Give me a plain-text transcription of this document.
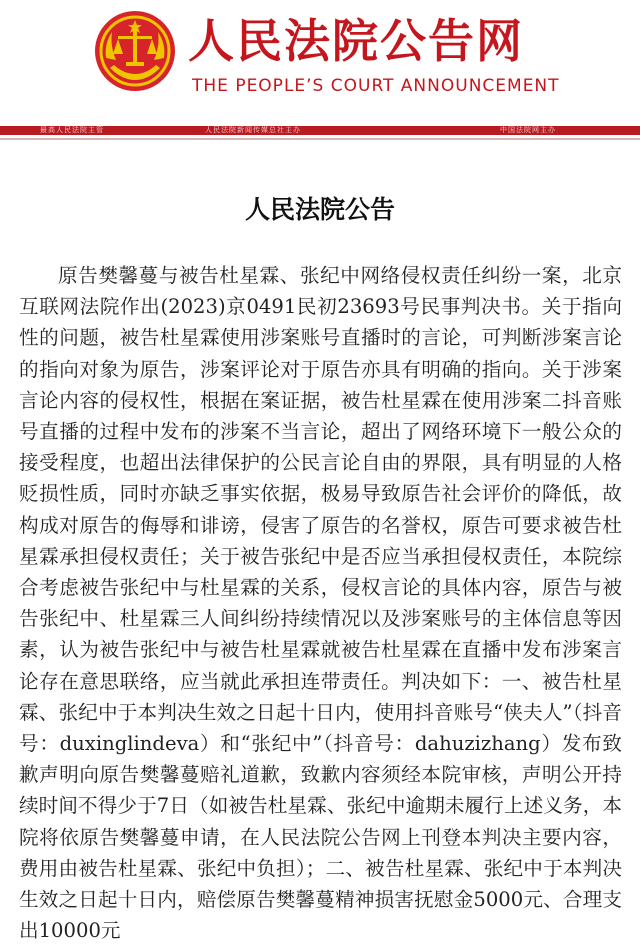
人民法院公告网
THE PEOPLE’S COURT ANNOUNCEMENT
最高人民法院主管	人民法院新闻传媒总社主办	中国法院网主办
人民法院公告

原告樊馨蔓与被告杜星霖、张纪中网络侵权责任纠纷一案，北京互联网法院作出(2023)京0491民初23693号民事判决书。关于指向性的问题，被告杜星霖使用涉案账号直播时的言论，可判断涉案言论的指向对象为原告，涉案评论对于原告亦具有明确的指向。关于涉案言论内容的侵权性，根据在案证据，被告杜星霖在使用涉案二抖音账号直播的过程中发布的涉案不当言论，超出了网络环境下一般公众的接受程度，也超出法律保护的公民言论自由的界限，具有明显的人格贬损性质，同时亦缺乏事实依据，极易导致原告社会评价的降低，故构成对原告的侮辱和诽谤，侵害了原告的名誉权，原告可要求被告杜星霖承担侵权责任；关于被告张纪中是否应当承担侵权责任，本院综合考虑被告张纪中与杜星霖的关系，侵权言论的具体内容，原告与被告张纪中、杜星霖三人间纠纷持续情况以及涉案账号的主体信息等因素，认为被告张纪中与被告杜星霖就被告杜星霖在直播中发布涉案言论存在意思联络，应当就此承担连带责任。判决如下：一、被告杜星霖、张纪中于本判决生效之日起十日内，使用抖音账号“侠夫人”（抖音号：duxinglindeva）和“张纪中”（抖音号：dahuzizhang）发布致歉声明向原告樊馨蔓赔礼道歉，致歉内容须经本院审核，声明公开持续时间不得少于7日（如被告杜星霖、张纪中逾期未履行上述义务，本院将依原告樊馨蔓申请，在人民法院公告网上刊登本判决主要内容，费用由被告杜星霖、张纪中负担）；二、被告杜星霖、张纪中于本判决生效之日起十日内，赔偿原告樊馨蔓精神损害抚慰金5000元、合理支出10000元
